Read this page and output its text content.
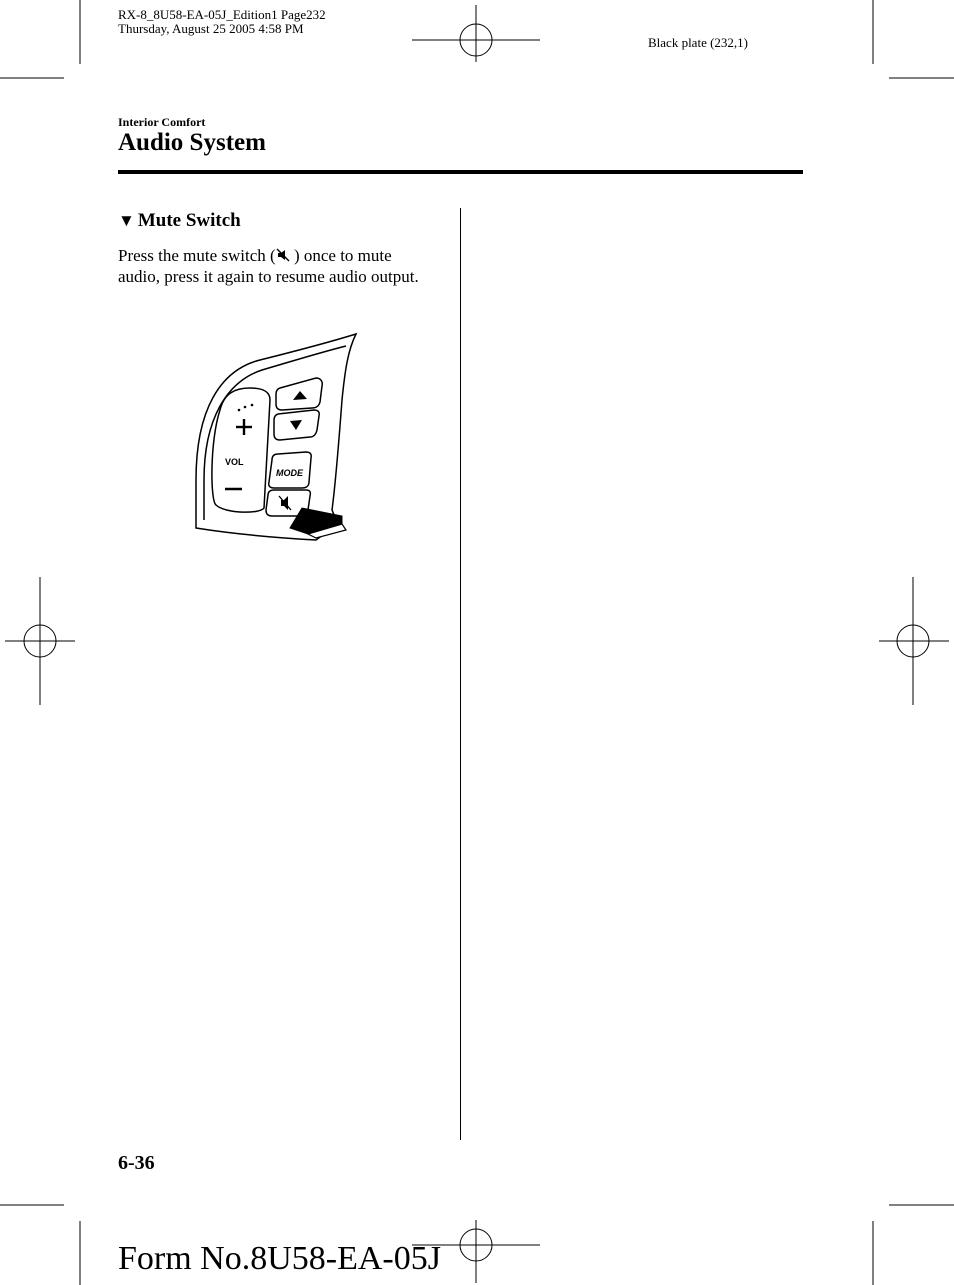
RX-8_8U58-EA-05J_Edition1 Page232
Thursday, August 25 2005 4:58 PM
Black plate (232,1)
Interior Comfort
Audio System
▼ Mute Switch
Press the mute switch ( ) once to mute audio, press it again to resume audio output.
VOL
MODE
6-36
Form No.8U58-EA-05J
